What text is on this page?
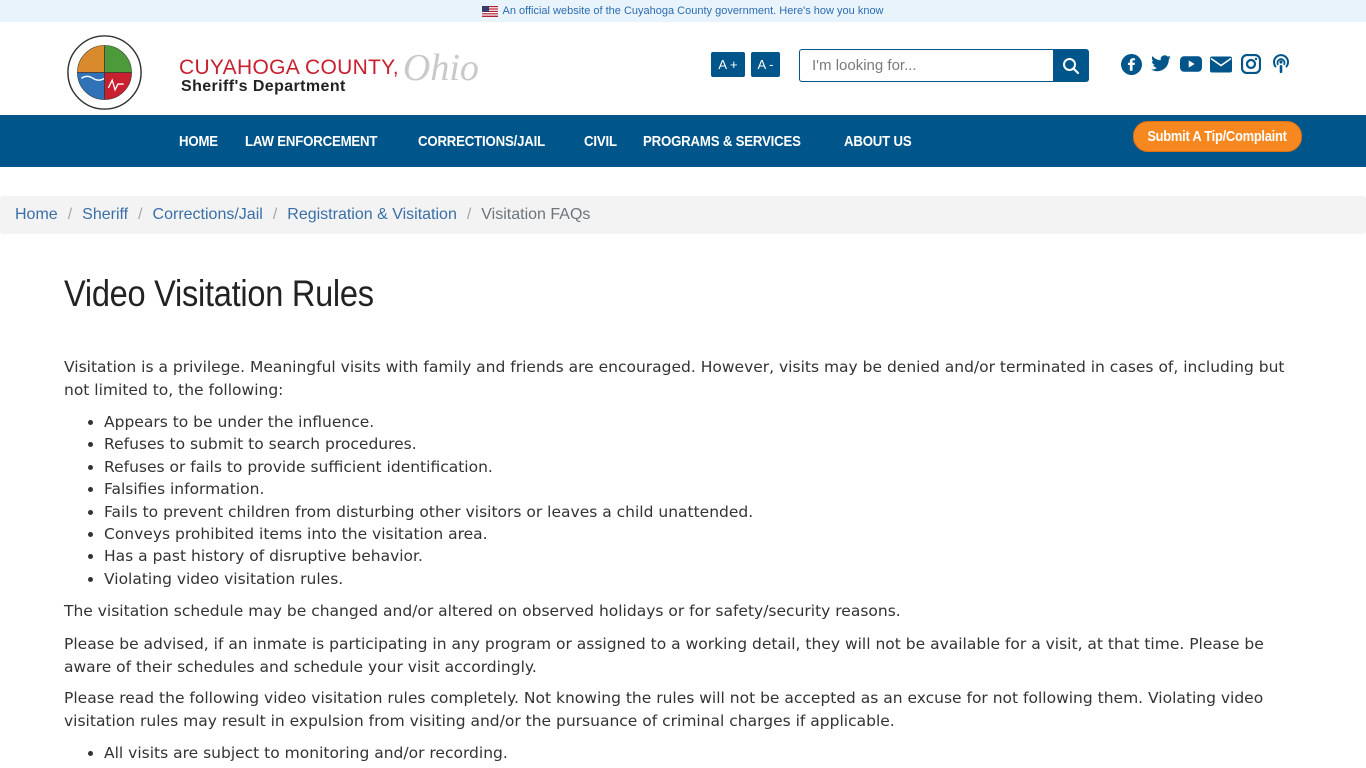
An official website of the Cuyahoga County government.
Here's how you know
CUYAHOGA COUNTY, Ohio
Sheriff's Department
A +	A -
I'm looking for...
HOME LAW ENFORCEMENT	CORRECTIONS/JAIL	CIVIL PROGRAMS & SERVICES	ABOUT US	Submit A Tip/Complaint
Home / Sheriff / Corrections/Jail / Registration & Visitation / Visitation FAQs
Video Visitation Rules

Visitation is a privilege. Meaningful visits with family and friends are encouraged. However, visits may be denied and/or terminated in cases of, including but not limited to, the following:

• Appears to be under the influence.
• Refuses to submit to search procedures.
• Refuses or fails to provide sufficient identification.
• Falsifies information.
• Fails to prevent children from disturbing other visitors or leaves a child unattended.
• Conveys prohibited items into the visitation area.
• Has a past history of disruptive behavior.
• Violating video visitation rules.

The visitation schedule may be changed and/or altered on observed holidays or for safety/security reasons.

Please be advised, if an inmate is participating in any program or assigned to a working detail, they will not be available for a visit, at that time. Please be aware of their schedules and schedule your visit accordingly.

Please read the following video visitation rules completely. Not knowing the rules will not be accepted as an excuse for not following them. Violating video visitation rules may result in expulsion from visiting and/or the pursuance of criminal charges if applicable.

• All visits are subject to monitoring and/or recording.
